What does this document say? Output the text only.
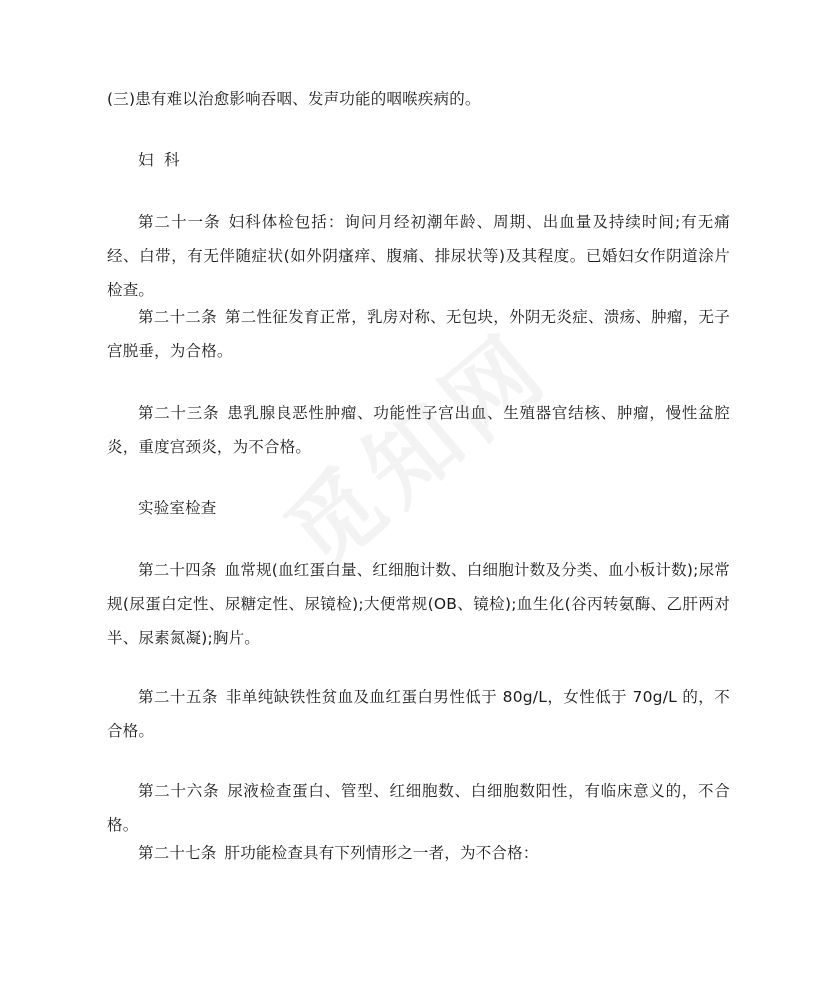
(三)患有难以治愈影响吞咽、发声功能的咽喉疾病的。

妇  科

第二十一条 妇科体检包括：询问月经初潮年龄、周期、出血量及持续时间;有无痛经、白带，有无伴随症状(如外阴瘙痒、腹痛、排尿状等)及其程度。已婚妇女作阴道涂片检查。

第二十二条 第二性征发育正常，乳房对称、无包块，外阴无炎症、溃疡、肿瘤，无子宫脱垂，为合格。

第二十三条 患乳腺良恶性肿瘤、功能性子宫出血、生殖器官结核、肿瘤，慢性盆腔炎，重度宫颈炎，为不合格。

实验室检查

第二十四条 血常规(血红蛋白量、红细胞计数、白细胞计数及分类、血小板计数);尿常规(尿蛋白定性、尿糖定性、尿镜检);大便常规(OB、镜检);血生化(谷丙转氨酶、乙肝两对半、尿素氮凝);胸片。

第二十五条 非单纯缺铁性贫血及血红蛋白男性低于 80g/L，女性低于 70g/L 的，不合格。

第二十六条 尿液检查蛋白、管型、红细胞数、白细胞数阳性，有临床意义的，不合格。

第二十七条 肝功能检查具有下列情形之一者，为不合格：
